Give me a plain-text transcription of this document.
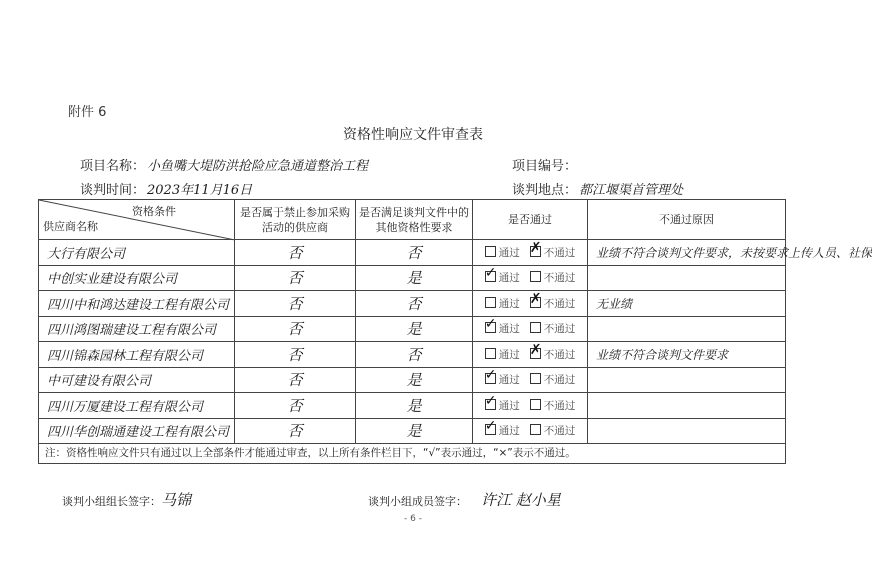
附件 6
资格性响应文件审查表
项目名称： 小鱼嘴大堤防洪抢险应急通道整治工程	项目编号：
谈判时间： 2023年11月16日	谈判地点： 都江堰渠首管理处
资格条件
供应商名称	是否属于禁止参加采购活动的供应商	是否满足谈判文件中的其他资格性要求	是否通过	不通过原因
大行有限公司	否	否	通过 ✗ 不通过	业绩不符合谈判文件要求，未按要求上传人员、社保
中创实业建设有限公司	否	是	✓通过 不通过	
四川中和鸿达建设工程有限公司	否	否	通过 ✗ 不通过	无业绩
四川鸿图瑞建设工程有限公司	否	是	✓通过 不通过	
四川锦森园林工程有限公司	否	否	通过 ✗ 不通过	业绩不符合谈判文件要求
中可建设有限公司	否	是	✓通过 不通过	
四川万厦建设工程有限公司	否	是	✓通过 不通过	
四川华创瑞通建设工程有限公司	否	是	✓通过 不通过	
注：资格性响应文件只有通过以上全部条件才能通过审查，以上所有条件栏目下，“√”表示通过，“×”表示不通过。				
谈判小组组长签字：马锦	谈判小组成员签字： 许江 赵小星
- 6 -
